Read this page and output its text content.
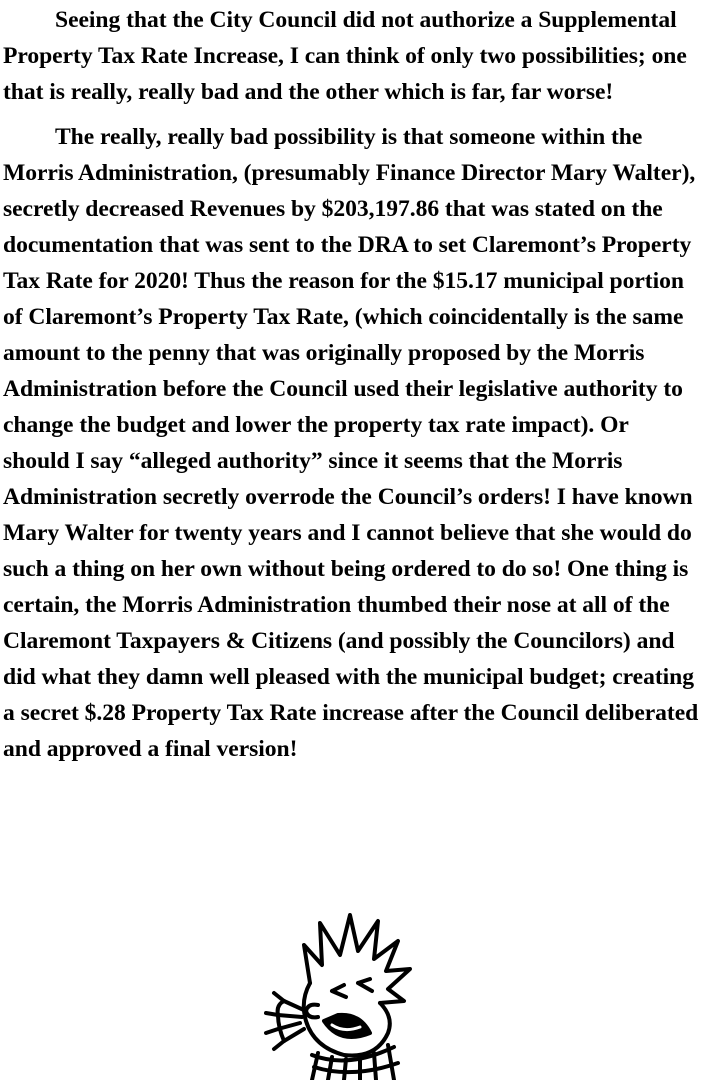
Seeing that the City Council did not authorize a Supplemental Property Tax Rate Increase, I can think of only two possibilities; one that is really, really bad and the other which is far, far worse!

The really, really bad possibility is that someone within the Morris Administration, (presumably Finance Director Mary Walter), secretly decreased Revenues by $203,197.86 that was stated on the documentation that was sent to the DRA to set Claremont’s Property Tax Rate for 2020! Thus the reason for the $15.17 municipal portion of Claremont’s Property Tax Rate, (which coincidentally is the same amount to the penny that was originally proposed by the Morris Administration before the Council used their legislative authority to change the budget and lower the property tax rate impact). Or should I say “alleged authority” since it seems that the Morris Administration secretly overrode the Council’s orders! I have known Mary Walter for twenty years and I cannot believe that she would do such a thing on her own without being ordered to do so! One thing is certain, the Morris Administration thumbed their nose at all of the Claremont Taxpayers & Citizens (and possibly the Councilors) and did what they damn well pleased with the municipal budget; creating a secret $.28 Property Tax Rate increase after the Council deliberated and approved a final version!
